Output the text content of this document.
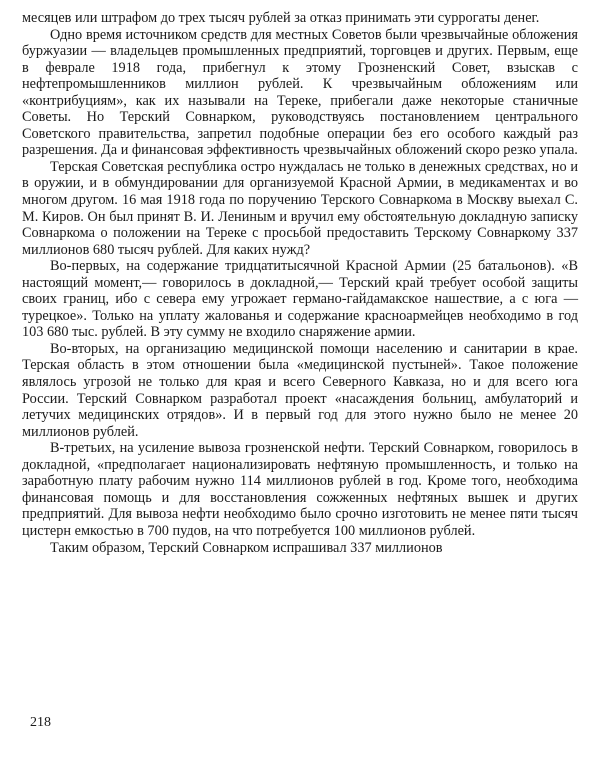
месяцев или штрафом до трех тысяч рублей за отказ принимать эти суррогаты денег.

Одно время источником средств для местных Советов были чрезвычайные обложения буржуазии — владельцев промышленных предприятий, торговцев и других. Первым, еще в феврале 1918 года, прибегнул к этому Грозненский Совет, взыскав с нефтепромышленников миллион рублей. К чрезвычайным обложениям или «контрибуциям», как их называли на Тереке, прибегали даже некоторые станичные Советы. Но Терский Совнарком, руководствуясь постановлением центрального Советского правительства, запретил подобные операции без его особого каждый раз разрешения. Да и финансовая эффективность чрезвычайных обложений скоро резко упала.

Терская Советская республика остро нуждалась не только в денежных средствах, но и в оружии, и в обмундировании для организуемой Красной Армии, в медикаментах и во многом другом. 16 мая 1918 года по поручению Терского Совнаркома в Москву выехал С. М. Киров. Он был принят В. И. Лениным и вручил ему обстоятельную докладную записку Совнаркома о положении на Тереке с просьбой предоставить Терскому Совнаркому 337 миллионов 680 тысяч рублей. Для каких нужд?

Во-первых, на содержание тридцатитысячной Красной Армии (25 батальонов). «В настоящий момент,— говорилось в докладной,— Терский край требует особой защиты своих границ, ибо с севера ему угрожает германо-гайдамакское нашествие, а с юга — турецкое». Только на уплату жалованья и содержание красноармейцев необходимо в год 103 680 тыс. рублей. В эту сумму не входило снаряжение армии.

Во-вторых, на организацию медицинской помощи населению и санитарии в крае. Терская область в этом отношении была «медицинской пустыней». Такое положение являлось угрозой не только для края и всего Северного Кавказа, но и для всего юга России. Терский Совнарком разработал проект «насаждения больниц, амбулаторий и летучих медицинских отрядов». И в первый год для этого нужно было не менее 20 миллионов рублей.

В-третьих, на усиление вывоза грозненской нефти. Терский Совнарком, говорилось в докладной, «предполагает национализировать нефтяную промышленность, и только на заработную плату рабочим нужно 114 миллионов рублей в год. Кроме того, необходима финансовая помощь и для восстановления сожженных нефтяных вышек и других предприятий. Для вывоза нефти необходимо было срочно изготовить не менее пяти тысяч цистерн емкостью в 700 пудов, на что потребуется 100 миллионов рублей.

Таким образом, Терский Совнарком испрашивал 337 миллионов

218
